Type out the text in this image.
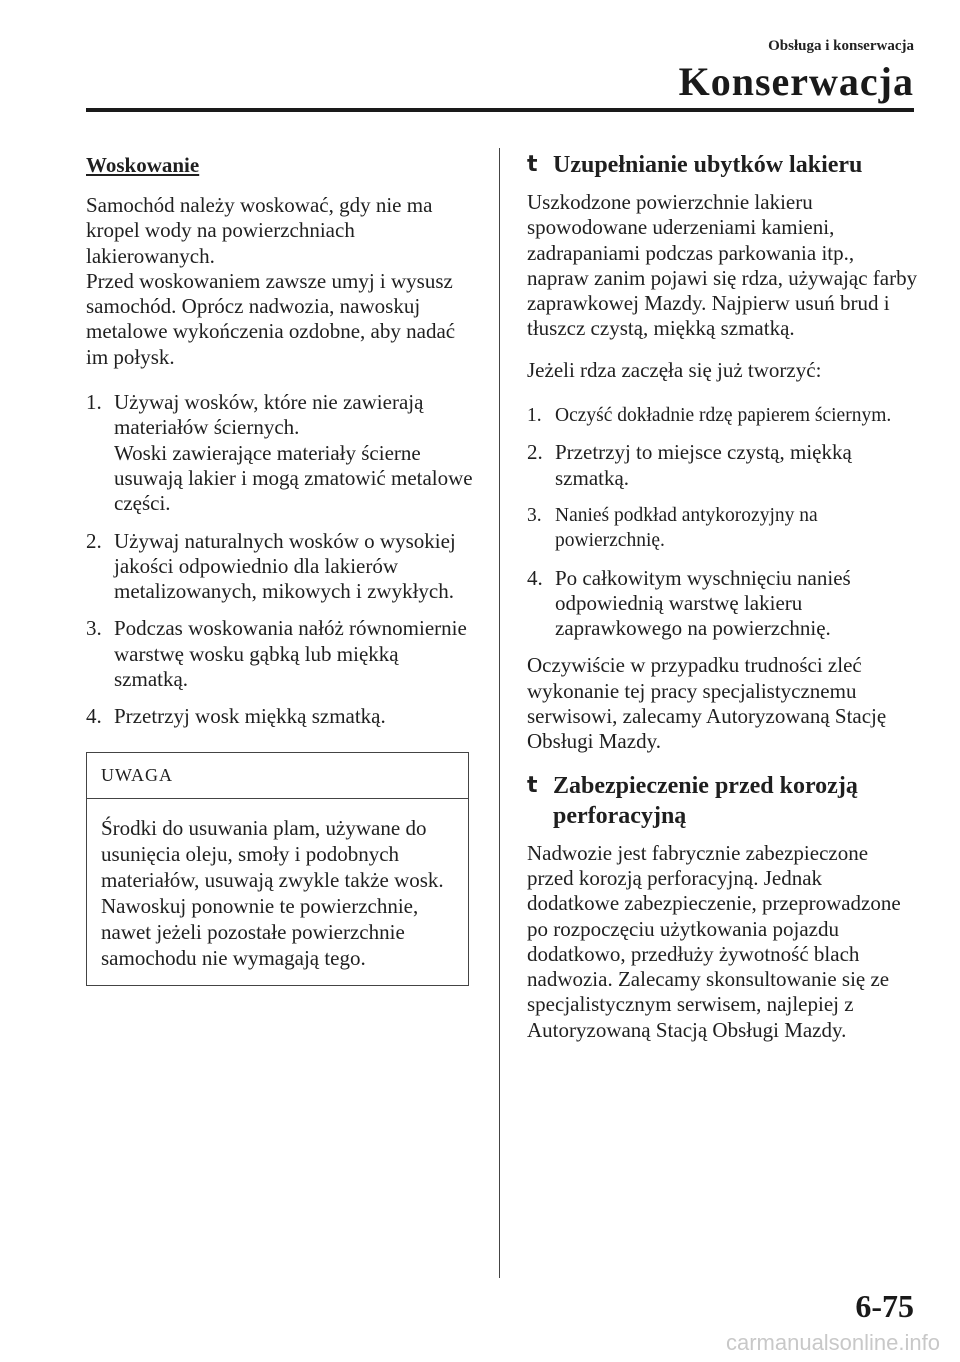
Obsługa i konserwacja
Konserwacja

Woskowanie

Samochód należy woskować, gdy nie ma kropel wody na powierzchniach lakierowanych.

Przed woskowaniem zawsze umyj i wysusz samochód. Oprócz nadwozia, nawoskuj metalowe wykończenia ozdobne, aby nadać im połysk.

1. Używaj wosków, które nie zawierają materiałów ściernych.

Woski zawierające materiały ścierne usuwają lakier i mogą zmatowić metalowe części.

2. Używaj naturalnych wosków o wysokiej jakości odpowiednio dla lakierów metalizowanych, mikowych i zwykłych.

3. Podczas woskowania nałóż równomiernie warstwę wosku gąbką lub miękką szmatką.

4. Przetrzyj wosk miękką szmatką.

UWAGA
Środki do usuwania plam, używane do usunięcia oleju, smoły i podobnych materiałów, usuwają zwykle także wosk. Nawoskuj ponownie te powierzchnie, nawet jeżeli pozostałe powierzchnie samochodu nie wymagają tego.
t Uzupełnianie ubytków lakieru

Uszkodzone powierzchnie lakieru spowodowane uderzeniami kamieni, zadrapaniami podczas parkowania itp., napraw zanim pojawi się rdza, używając farby zaprawkowej Mazdy. Najpierw usuń brud i tłuszcz czystą, miękką szmatką.

Jeżeli rdza zaczęła się już tworzyć:

1. Oczyść dokładnie rdzę papierem ściernym.

2. Przetrzyj to miejsce czystą, miękką szmatką.

3. Nanieś podkład antykorozyjny na powierzchnię.

4. Po całkowitym wyschnięciu nanieś odpowiednią warstwę lakieru zaprawkowego na powierzchnię.

Oczywiście w przypadku trudności zleć wykonanie tej pracy specjalistycznemu serwisowi, zalecamy Autoryzowaną Stację Obsługi Mazdy.

t Zabezpieczenie przed korozją perforacyjną

Nadwozie jest fabrycznie zabezpieczone przed korozją perforacyjną. Jednak dodatkowe zabezpieczenie, przeprowadzone po rozpoczęciu użytkowania pojazdu dodatkowo, przedłuży żywotność blach nadwozia. Zalecamy skonsultowanie się ze specjalistycznym serwisem, najlepiej z Autoryzowaną Stacją Obsługi Mazdy.

6-75
carmanualsonline.info
